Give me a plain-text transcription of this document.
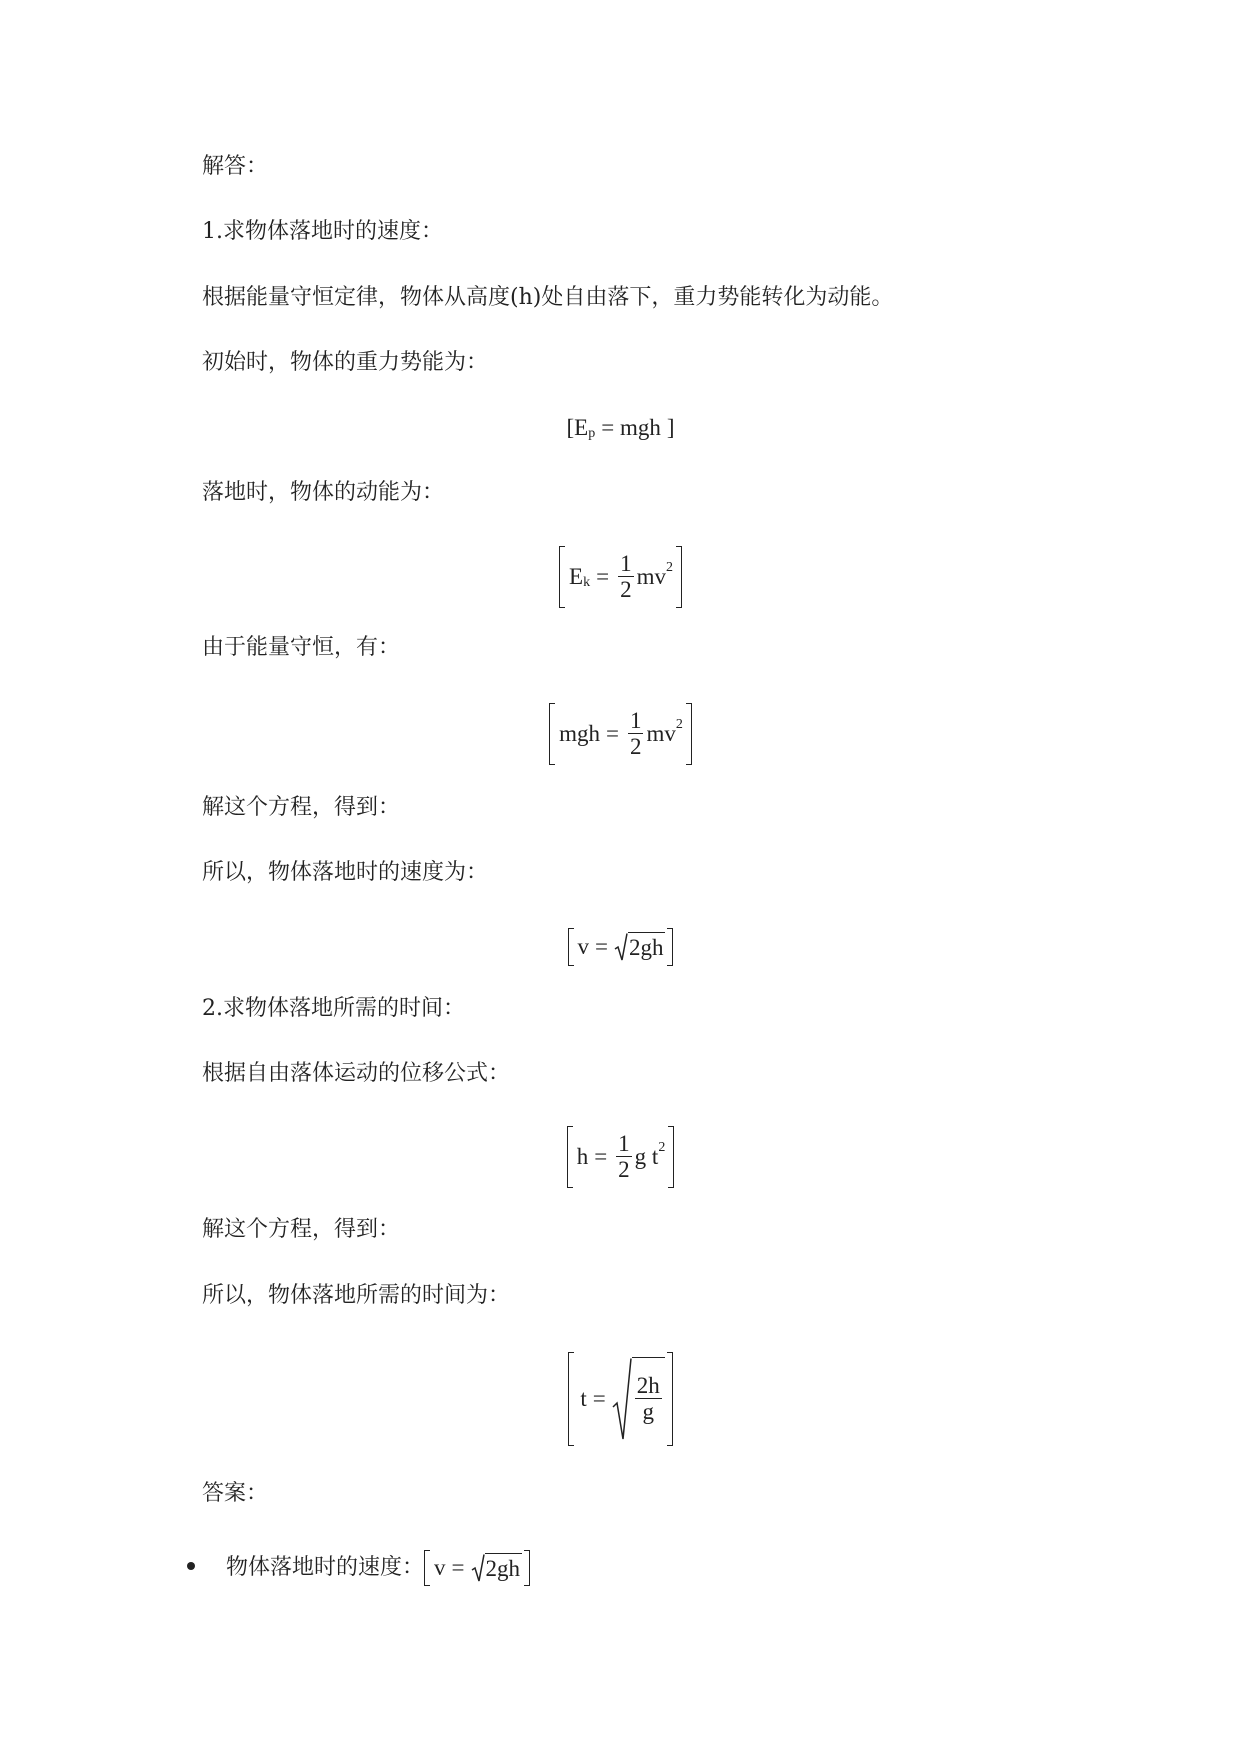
解答：
1.求物体落地时的速度：
根据能量守恒定律，物体从高度(h)处自由落下，重力势能转化为动能。
初始时，物体的重力势能为：
[ E p = mgh ]
落地时，物体的动能为：
E $k = \frac{1}{2}$ mv 2
由于能量守恒，有：
mgh = $\frac{1}{2}$ mv 2
解这个方程，得到：
所以，物体落地时的速度为：
v = 2gh
2.求物体落地所需的时间：
根据自由落体运动的位移公式：
$h = \frac{1}{2}$ g t 2
解这个方程，得到：
所以，物体落地所需的时间为：
$t = \frac{2h}{g}$
答案：
物体落地时的速度： v = 2gh
